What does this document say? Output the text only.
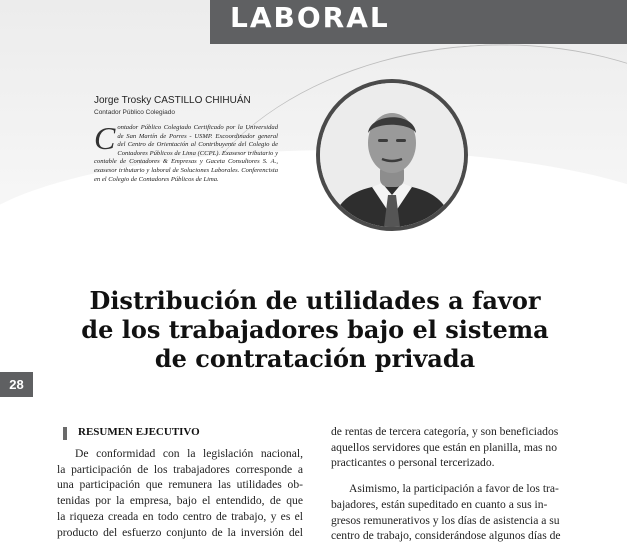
LABORAL
Jorge Trosky CASTILLO CHIHUÁN
Contador Público Colegiado
Contador Público Colegiado Certificado por la Universidad de San Martín de Porres - USMP. Excoordinador general del Centro de Orientación al Contribuyente del Colegio de Contadores Públicos de Lima (CCPL). Exasesor tributario y contable de Contadores & Empresas y Gaceta Consultores S. A., exasesor tributario y laboral de Soluciones Laborales. Conferencista en el Colegio de Contadores Públicos de Lima.
Distribución de utilidades a favor
de los trabajadores bajo el sistema
de contratación privada
28
RESUMEN EJECUTIVO
De conformidad con la legislación nacional,
la participación de los trabajadores corresponde a
una participación que remunera las utilidades ob-
tenidas por la empresa, bajo el entendido, de que
la riqueza creada en todo centro de trabajo, y es el
producto del esfuerzo conjunto de la inversión del

de rentas de tercera categoría, y son beneficiados
aquellos servidores que están en planilla, mas no
practicantes o personal tercerizado.

Asimismo, la participación a favor de los tra-
bajadores, están supeditado en cuanto a sus in-
gresos remunerativos y los días de asistencia a su
centro de trabajo, considerándose algunos días de
